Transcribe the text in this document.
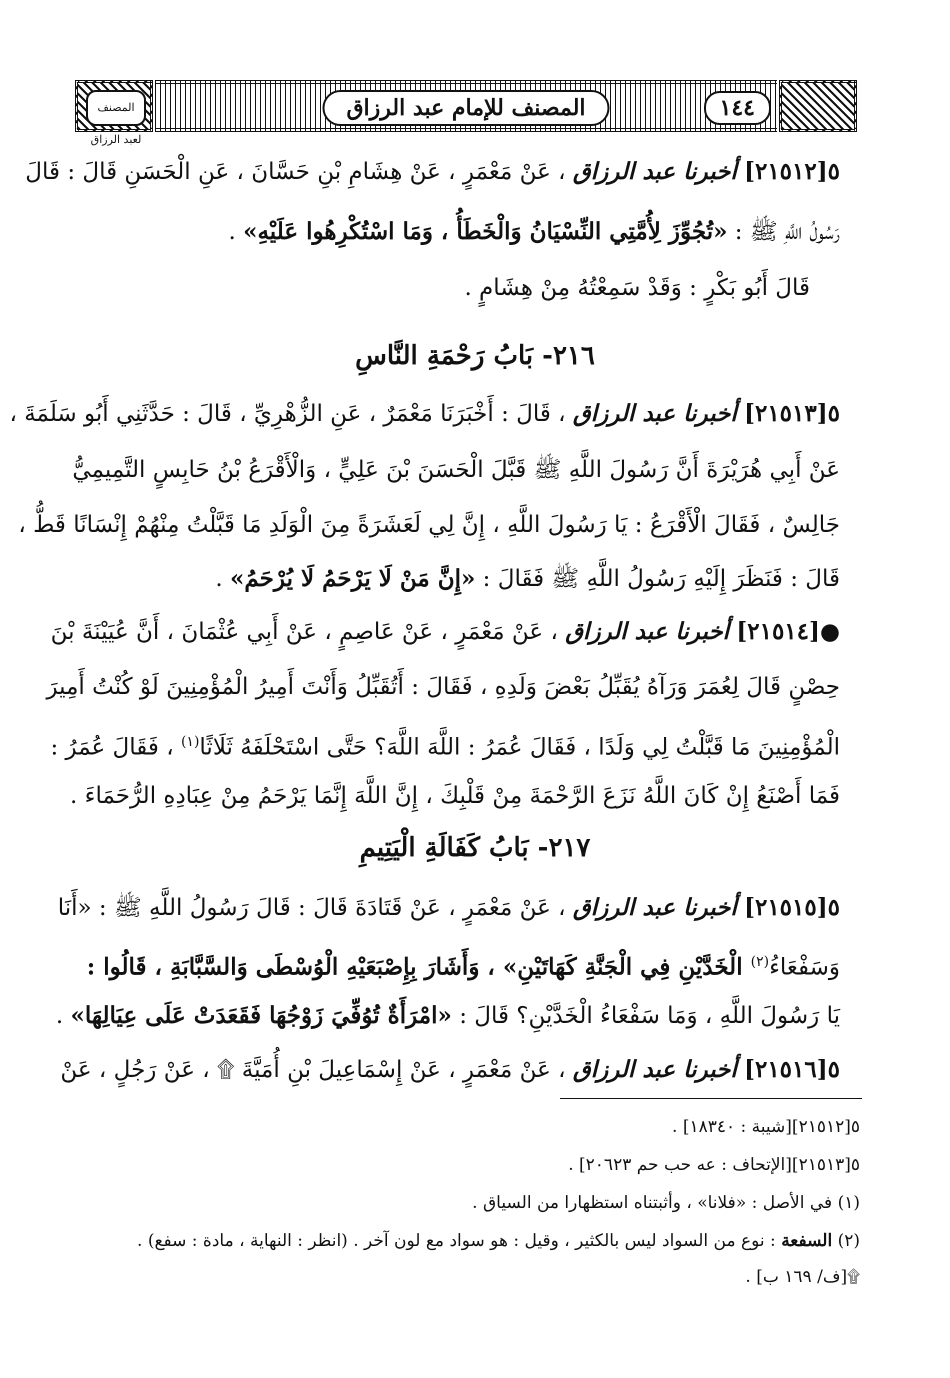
المصنف لعبد الرزاق
المصنف للإمام عبد الرزاق	١٤٤
٥[٢١٥١٢] أخبرنا عبد الرزاق ، عَنْ مَعْمَرٍ ، عَنْ هِشَامِ بْنِ حَسَّانَ ، عَنِ الْحَسَنِ قَالَ : قَالَ
رَسُولُ اللَّهِ ﷺ : «تُجُوِّزَ لِأُمَّتِي النِّسْيَانُ وَالْخَطَأُ ، وَمَا اسْتُكْرِهُوا عَلَيْهِ» .
قَالَ أَبُو بَكْرٍ : وَقَدْ سَمِعْتُهُ مِنْ هِشَامٍ .
٢١٦- بَابُ رَحْمَةِ النَّاسِ
٥[٢١٥١٣] أخبرنا عبد الرزاق ، قَالَ : أَخْبَرَنَا مَعْمَرٌ ، عَنِ الزُّهْرِيِّ ، قَالَ : حَدَّثَنِي أَبُو سَلَمَةَ ،
عَنْ أَبِي هُرَيْرَةَ أَنَّ رَسُولَ اللَّهِ ﷺ قَبَّلَ الْحَسَنَ بْنَ عَلِيٍّ ، وَالْأَقْرَعُ بْنُ حَابِسٍ التَّمِيمِيُّ
جَالِسٌ ، فَقَالَ الْأَقْرَعُ : يَا رَسُولَ اللَّهِ ، إِنَّ لِي لَعَشَرَةً مِنَ الْوَلَدِ مَا قَبَّلْتُ مِنْهُمْ إِنْسَانًا قَطُّ ،
قَالَ : فَنَظَرَ إِلَيْهِ رَسُولُ اللَّهِ ﷺ فَقَالَ : «إِنَّ مَنْ لَا يَرْحَمُ لَا يُرْحَمُ» .
●[٢١٥١٤] أخبرنا عبد الرزاق ، عَنْ مَعْمَرٍ ، عَنْ عَاصِمٍ ، عَنْ أَبِي عُثْمَانَ ، أَنَّ عُيَيْنَةَ بْنَ
حِصْنٍ قَالَ لِعُمَرَ وَرَآهُ يُقَبِّلُ بَعْضَ وَلَدِهِ ، فَقَالَ : أَتُقَبِّلُ وَأَنْتَ أَمِيرُ الْمُؤْمِنِينَ لَوْ كُنْتُ أَمِيرَ
الْمُؤْمِنِينَ مَا قَبَّلْتُ لِي وَلَدًا ، فَقَالَ عُمَرُ : اللَّهَ اللَّهَ؟ حَتَّى اسْتَحْلَفَهُ ثَلَاثًا$^{(١)}$ ، فَقَالَ عُمَرُ :
فَمَا أَصْنَعُ إِنْ كَانَ اللَّهُ نَزَعَ الرَّحْمَةَ مِنْ قَلْبِكَ ، إِنَّ اللَّهَ إِنَّمَا يَرْحَمُ مِنْ عِبَادِهِ الرُّحَمَاءَ .
٢١٧- بَابُ كَفَالَةِ الْيَتِيمِ
٥[٢١٥١٥] أخبرنا عبد الرزاق ، عَنْ مَعْمَرٍ ، عَنْ قَتَادَةَ قَالَ : قَالَ رَسُولُ اللَّهِ ﷺ : «أَنَا
وَسَفْعَاءُ$^{(٢)}$ الْخَدَّيْنِ فِي الْجَنَّةِ كَهَاتَيْنِ» ، وَأَشَارَ بِإِصْبَعَيْهِ الْوُسْطَى وَالسَّبَّابَةِ ، قَالُوا :
يَا رَسُولَ اللَّهِ ، وَمَا سَفْعَاءُ الْخَدَّيْنِ؟ قَالَ : «امْرَأَةٌ تُوُفِّيَ زَوْجُهَا فَقَعَدَتْ عَلَى عِيَالِهَا» .
٥[٢١٥١٦] أخبرنا عبد الرزاق ، عَنْ مَعْمَرٍ ، عَنْ إِسْمَاعِيلَ بْنِ أُمَيَّةَ ۩ ، عَنْ رَجُلٍ ، عَنْ
٥[٢١٥١٢][شيبة : ١٨٣٤٠] .
٥[٢١٥١٣][الإتحاف : عه حب حم ٢٠٦٢٣] .
(١) في الأصل : «فلانا» ، وأثبتناه استظهارا من السياق .
(٢) السفعة : نوع من السواد ليس بالكثير ، وقيل : هو سواد مع لون آخر . (انظر : النهاية ، مادة : سفع) .
۩[ف/ ١٦٩ ب] .
